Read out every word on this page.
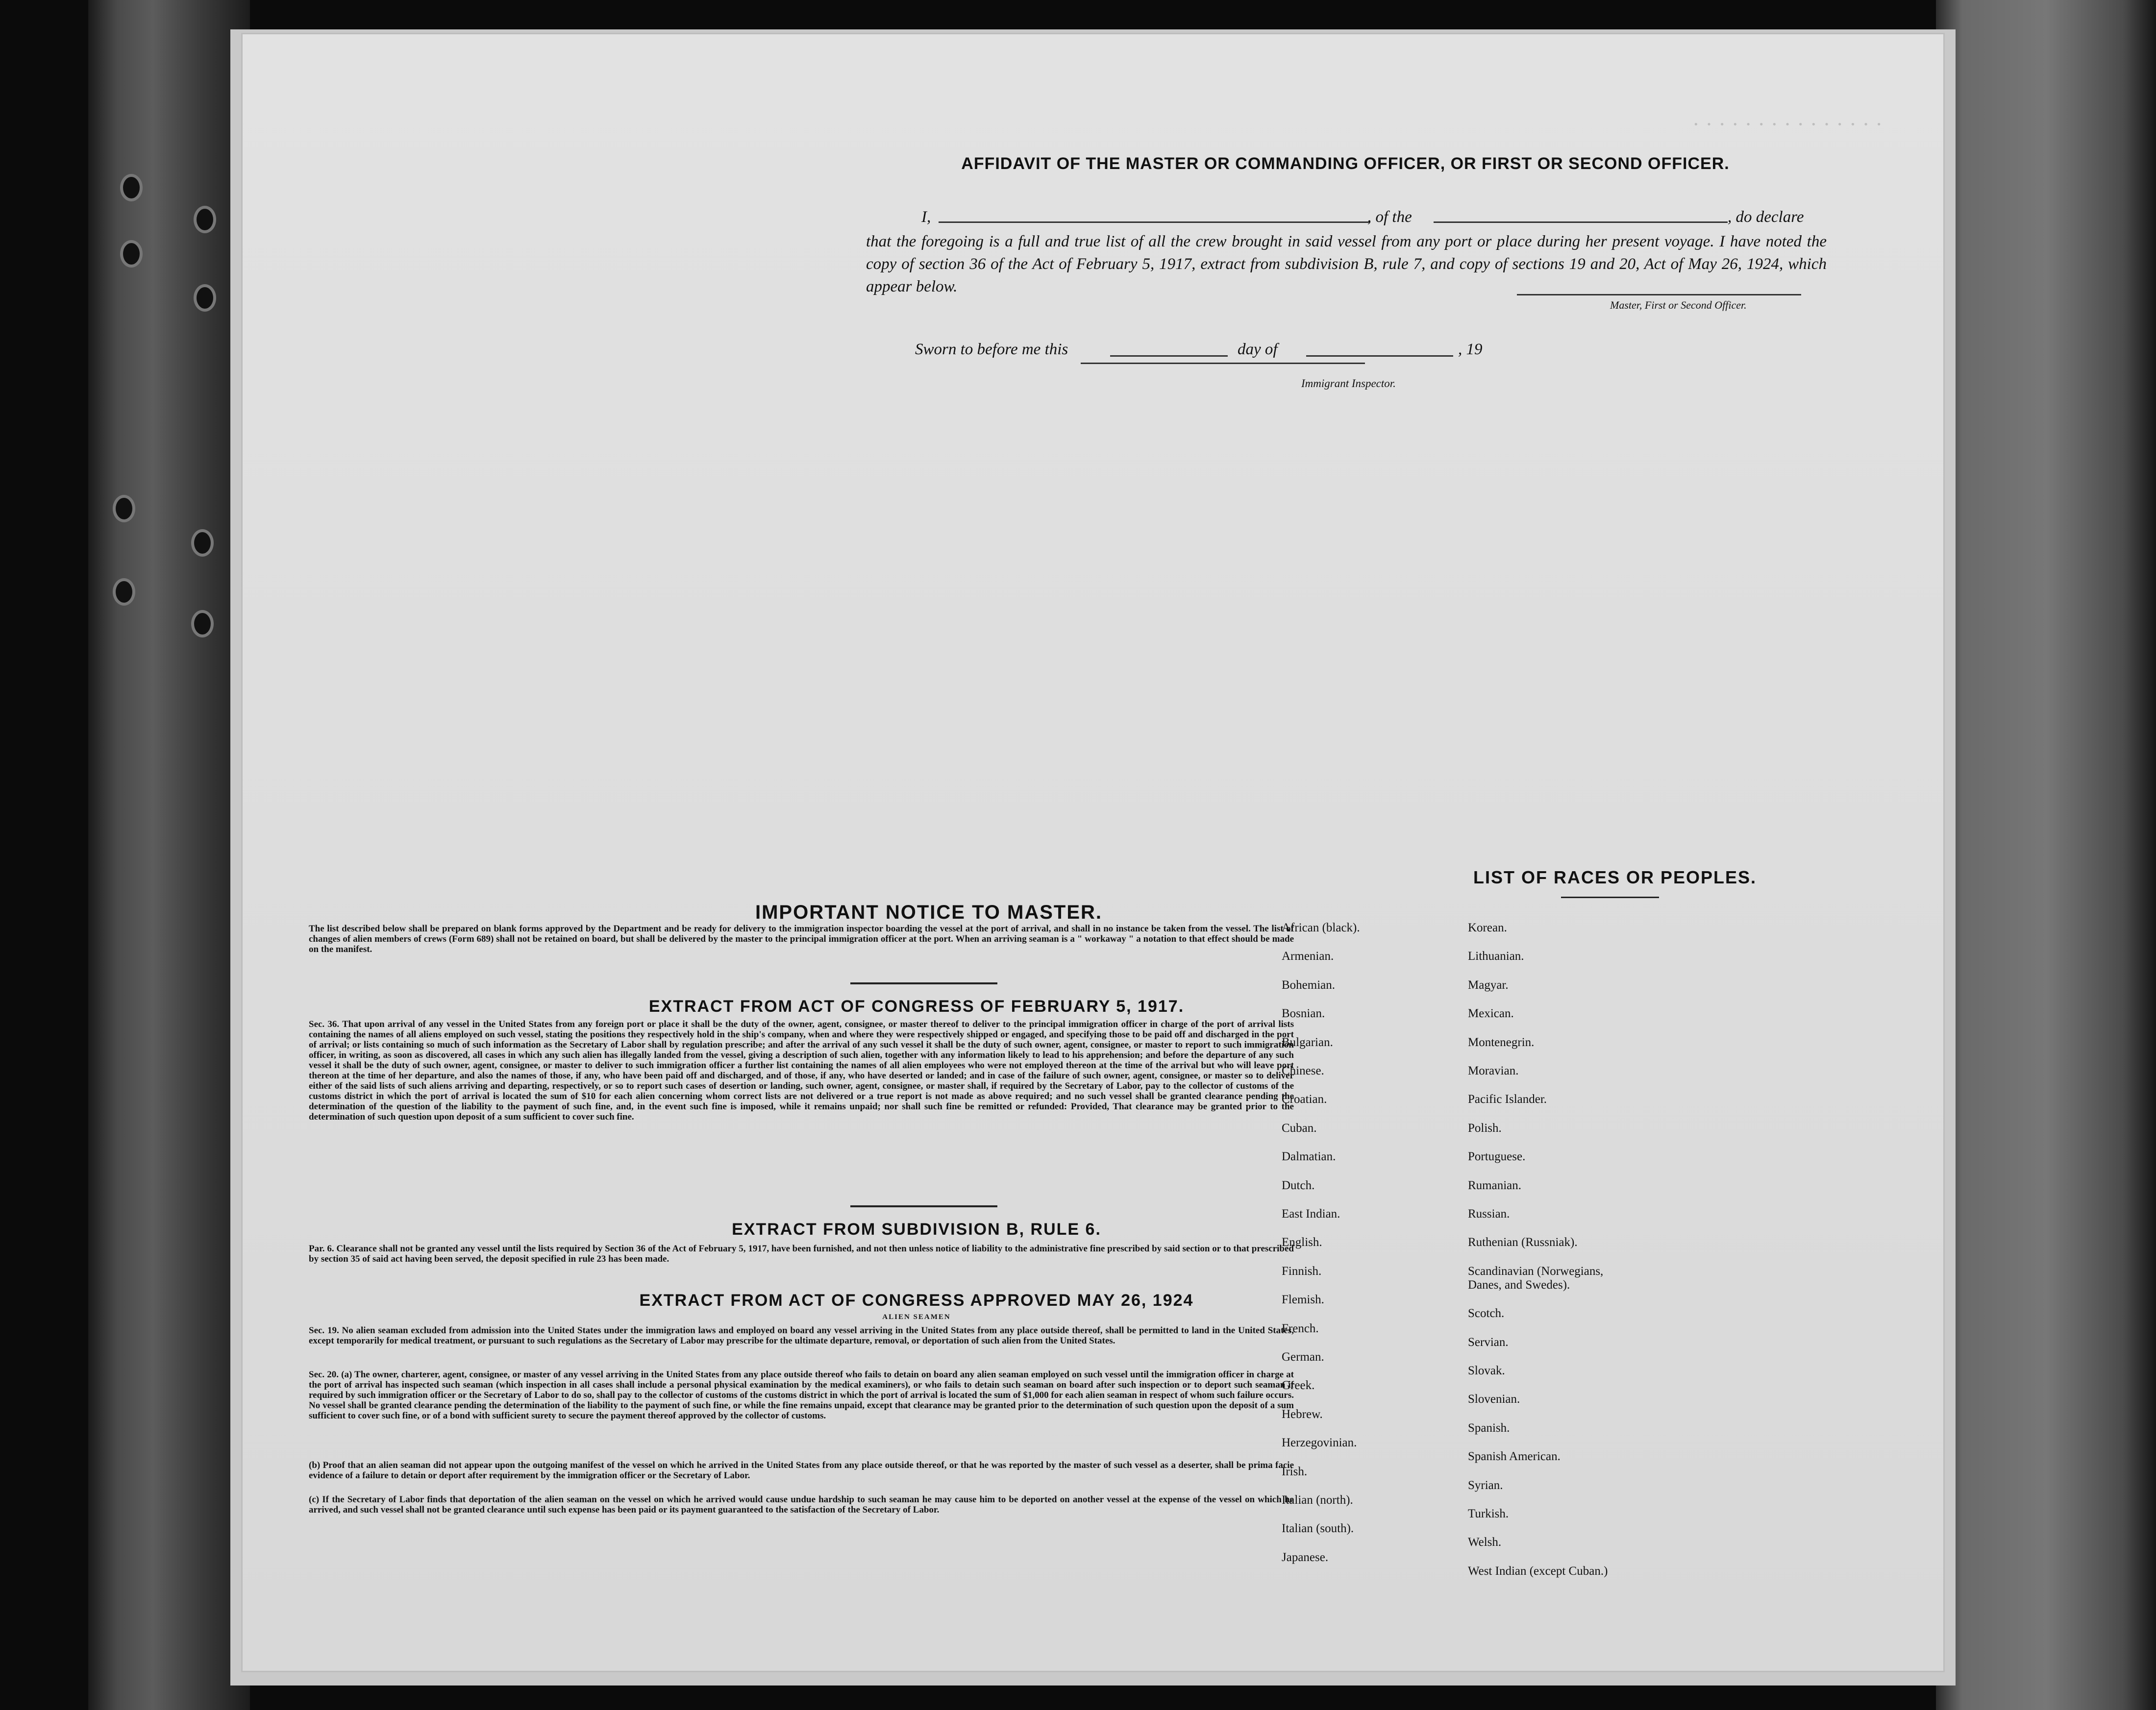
· · · · · · · · · · · · · · ·
AFFIDAVIT OF THE MASTER OR COMMANDING OFFICER, OR FIRST OR SECOND OFFICER.
I,	, of the	, do declare
that the foregoing is a full and true list of all the crew brought in said vessel from any port or place during her present voyage. I have noted the copy of section 36 of the Act of February 5, 1917, extract from subdivision B, rule 7, and copy of sections 19 and 20, Act of May 26, 1924, which appear below.
Master, First or Second Officer.
Sworn to before me this	day of	, 19
Immigrant Inspector.
IMPORTANT NOTICE TO MASTER.
The list described below shall be prepared on blank forms approved by the Department and be ready for delivery to the immigration inspector boarding the vessel at the port of arrival, and shall in no instance be taken from the vessel. The list of changes of alien members of crews (Form 689) shall not be retained on board, but shall be delivered by the master to the principal immigration officer at the port. When an arriving seaman is a " workaway " a notation to that effect should be made on the manifest.
EXTRACT FROM ACT OF CONGRESS OF FEBRUARY 5, 1917.
Sec. 36. That upon arrival of any vessel in the United States from any foreign port or place it shall be the duty of the owner, agent, consignee, or master thereof to deliver to the principal immigration officer in charge of the port of arrival lists containing the names of all aliens employed on such vessel, stating the positions they respectively hold in the ship's company, when and where they were respectively shipped or engaged, and specifying those to be paid off and discharged in the port of arrival; or lists containing so much of such information as the Secretary of Labor shall by regulation prescribe; and after the arrival of any such vessel it shall be the duty of such owner, agent, consignee, or master to report to such immigration officer, in writing, as soon as discovered, all cases in which any such alien has illegally landed from the vessel, giving a description of such alien, together with any information likely to lead to his apprehension; and before the departure of any such vessel it shall be the duty of such owner, agent, consignee, or master to deliver to such immigration officer a further list containing the names of all alien employees who were not employed thereon at the time of the arrival but who will leave port thereon at the time of her departure, and also the names of those, if any, who have been paid off and discharged, and of those, if any, who have deserted or landed; and in case of the failure of such owner, agent, consignee, or master so to deliver either of the said lists of such aliens arriving and departing, respectively, or so to report such cases of desertion or landing, such owner, agent, consignee, or master shall, if required by the Secretary of Labor, pay to the collector of customs of the customs district in which the port of arrival is located the sum of $10 for each alien concerning whom correct lists are not delivered or a true report is not made as above required; and no such vessel shall be granted clearance pending the determination of the question of the liability to the payment of such fine, and, in the event such fine is imposed, while it remains unpaid; nor shall such fine be remitted or refunded: Provided, That clearance may be granted prior to the determination of such question upon deposit of a sum sufficient to cover such fine.
EXTRACT FROM SUBDIVISION B, RULE 6.
Par. 6. Clearance shall not be granted any vessel until the lists required by Section 36 of the Act of February 5, 1917, have been furnished, and not then unless notice of liability to the administrative fine prescribed by said section or to that prescribed by section 35 of said act having been served, the deposit specified in rule 23 has been made.
EXTRACT FROM ACT OF CONGRESS APPROVED MAY 26, 1924
ALIEN SEAMEN
Sec. 19. No alien seaman excluded from admission into the United States under the immigration laws and employed on board any vessel arriving in the United States from any place outside thereof, shall be permitted to land in the United States, except temporarily for medical treatment, or pursuant to such regulations as the Secretary of Labor may prescribe for the ultimate departure, removal, or deportation of such alien from the United States.
Sec. 20. (a) The owner, charterer, agent, consignee, or master of any vessel arriving in the United States from any place outside thereof who fails to detain on board any alien seaman employed on such vessel until the immigration officer in charge at the port of arrival has inspected such seaman (which inspection in all cases shall include a personal physical examination by the medical examiners), or who fails to detain such seaman on board after such inspection or to deport such seaman if required by such immigration officer or the Secretary of Labor to do so, shall pay to the collector of customs of the customs district in which the port of arrival is located the sum of $1,000 for each alien seaman in respect of whom such failure occurs. No vessel shall be granted clearance pending the determination of the liability to the payment of such fine, or while the fine remains unpaid, except that clearance may be granted prior to the determination of such question upon the deposit of a sum sufficient to cover such fine, or of a bond with sufficient surety to secure the payment thereof approved by the collector of customs.
(b) Proof that an alien seaman did not appear upon the outgoing manifest of the vessel on which he arrived in the United States from any place outside thereof, or that he was reported by the master of such vessel as a deserter, shall be prima facie evidence of a failure to detain or deport after requirement by the immigration officer or the Secretary of Labor.
(c) If the Secretary of Labor finds that deportation of the alien seaman on the vessel on which he arrived would cause undue hardship to such seaman he may cause him to be deported on another vessel at the expense of the vessel on which he arrived, and such vessel shall not be granted clearance until such expense has been paid or its payment guaranteed to the satisfaction of the Secretary of Labor.
LIST OF RACES OR PEOPLES.
African (black).
Armenian.
Bohemian.
Bosnian.
Bulgarian.
Chinese.
Croatian.
Cuban.
Dalmatian.
Dutch.
East Indian.
English.
Finnish.
Flemish.
French.
German.
Greek.
Hebrew.
Herzegovinian.
Irish.
Italian (north).
Italian (south).
Japanese.
Korean.
Lithuanian.
Magyar.
Mexican.
Montenegrin.
Moravian.
Pacific Islander.
Polish.
Portuguese.
Rumanian.
Russian.
Ruthenian (Russniak).
Scandinavian (Norwegians, Danes, and Swedes).
Scotch.
Servian.
Slovak.
Slovenian.
Spanish.
Spanish American.
Syrian.
Turkish.
Welsh.
West Indian (except Cuban.)
